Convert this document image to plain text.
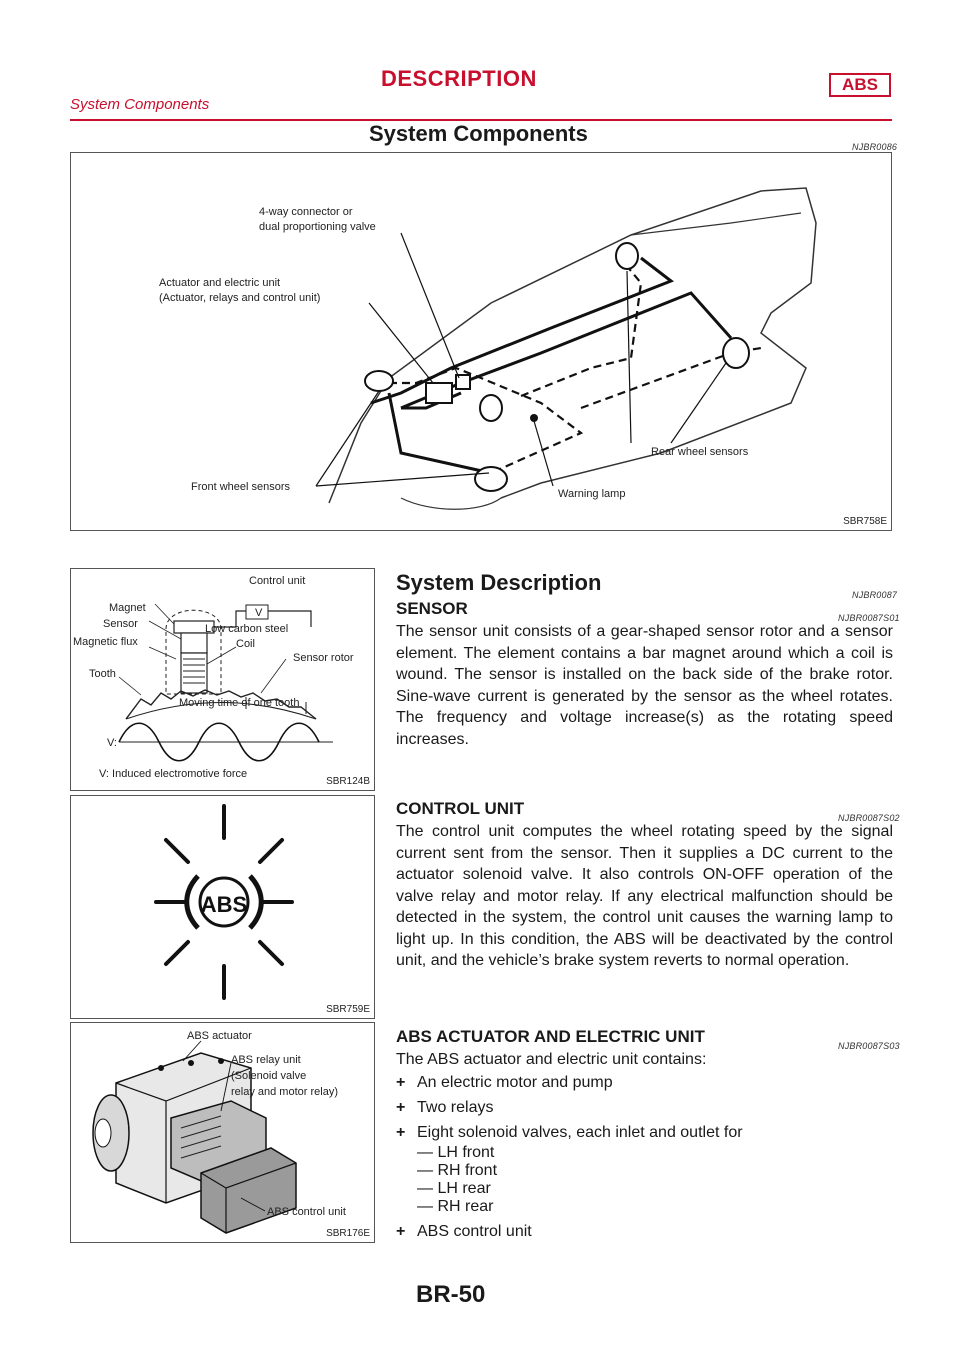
DESCRIPTION	ABS
System Components
System Components
NJBR0086
4-way connector or
dual proportioning valve
Actuator and electric unit
(Actuator, relays and control unit)
Rear wheel sensors
Front wheel sensors
Warning lamp
SBR758E
System Description	NJBR0087
SENSOR	NJBR0087S01
The sensor unit consists of a gear-shaped sensor rotor and a sensor element. The element contains a bar magnet around which a coil is wound. The sensor is installed on the back side of the brake rotor. Sine-wave current is generated by the sensor as the wheel rotates. The frequency and voltage increase(s) as the rotating speed increases.
Control unit
Magnet
Sensor
V
Low carbon steel
Magnetic flux	Coil
Tooth
Sensor rotor
Moving time of one tooth
V:
V: Induced electromotive force
SBR124B
CONTROL UNIT	NJBR0087S02
The control unit computes the wheel rotating speed by the signal current sent from the sensor. Then it supplies a DC current to the actuator solenoid valve. It also controls ON-OFF operation of the valve relay and motor relay. If any electrical malfunction should be detected in the system, the control unit causes the warning lamp to light up. In this condition, the ABS will be deactivated by the control unit, and the vehicle’s brake system reverts to normal operation.
ABS
SBR759E
ABS ACTUATOR AND ELECTRIC UNIT	NJBR0087S03
The ABS actuator and electric unit contains:
+ An electric motor and pump
+ Two relays
+ Eight solenoid valves, each inlet and outlet for
— LH front
— RH front
— LH rear
— RH rear
+ ABS control unit
ABS actuator
ABS relay unit
(Solenoid valve
relay and motor relay)
ABS control unit
SBR176E
BR-50
